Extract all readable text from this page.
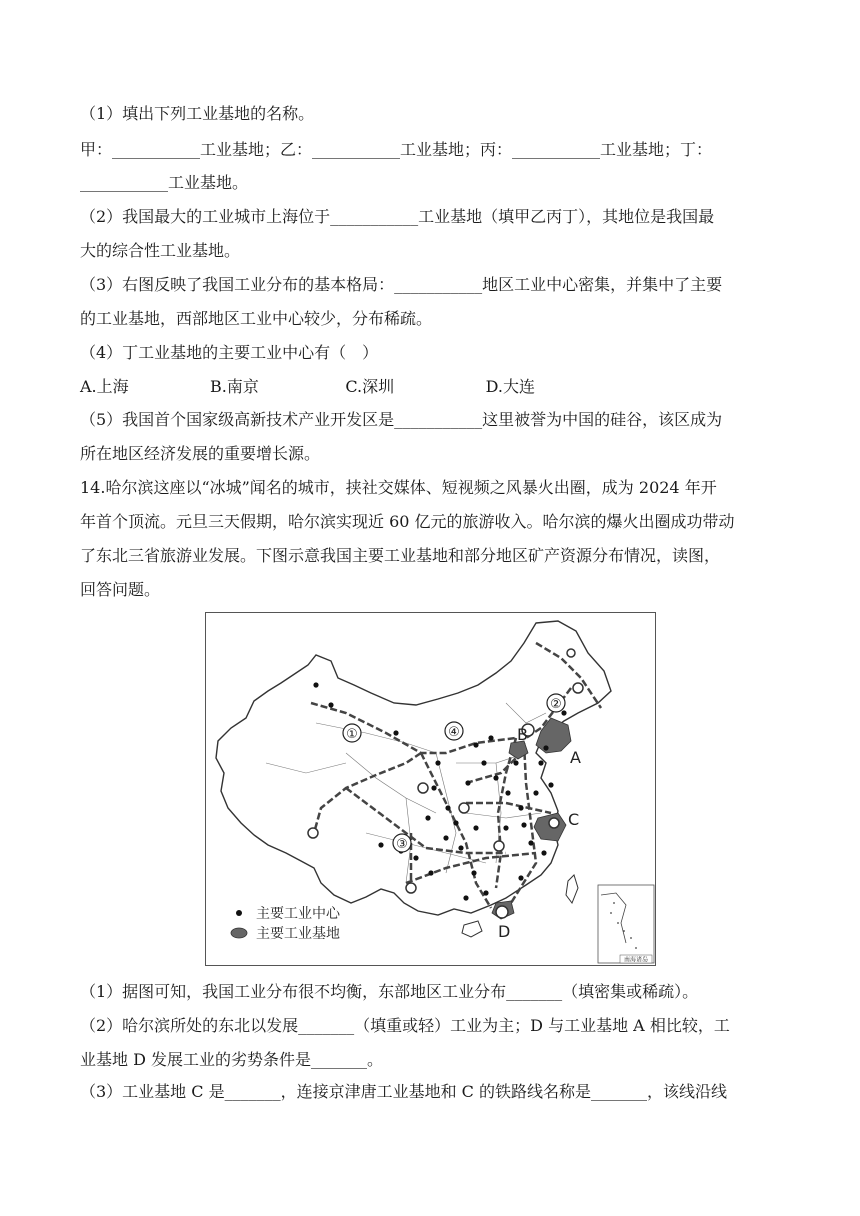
（1）填出下列工业基地的名称。
甲：___________工业基地；乙：___________工业基地；丙：___________工业基地；丁：
___________工业基地。
（2）我国最大的工业城市上海位于___________工业基地（填甲乙丙丁），其地位是我国最
大的综合性工业基地。
（3）右图反映了我国工业分布的基本格局：___________地区工业中心密集，并集中了主要
的工业基地，西部地区工业中心较少，分布稀疏。
（4）丁工业基地的主要工业中心有（　）
A.上海                B.南京                 C.深圳                  D.大连
（5）我国首个国家级高新技术产业开发区是___________这里被誉为中国的硅谷，该区成为
所在地区经济发展的重要增长源。
14.哈尔滨这座以“冰城”闻名的城市，挟社交媒体、短视频之风暴火出圈，成为 2024 年开
年首个顶流。元旦三天假期，哈尔滨实现近 60 亿元的旅游收入。哈尔滨的爆火出圈成功带动
了东北三省旅游业发展。下图示意我国主要工业基地和部分地区矿产资源分布情况，读图，
回答问题。
（1）据图可知，我国工业分布很不均衡，东部地区工业分布_______（填密集或稀疏）。
（2）哈尔滨所处的东北以发展_______（填重或轻）工业为主；D 与工业基地 A 相比较，工
业基地 D 发展工业的劣势条件是_______。
（3）工业基地 C 是_______，连接京津唐工业基地和 C 的铁路线名称是_______，该线沿线
①
②
③
④
A
B
C
D
主要工业中心
主要工业基地
南海诸岛
